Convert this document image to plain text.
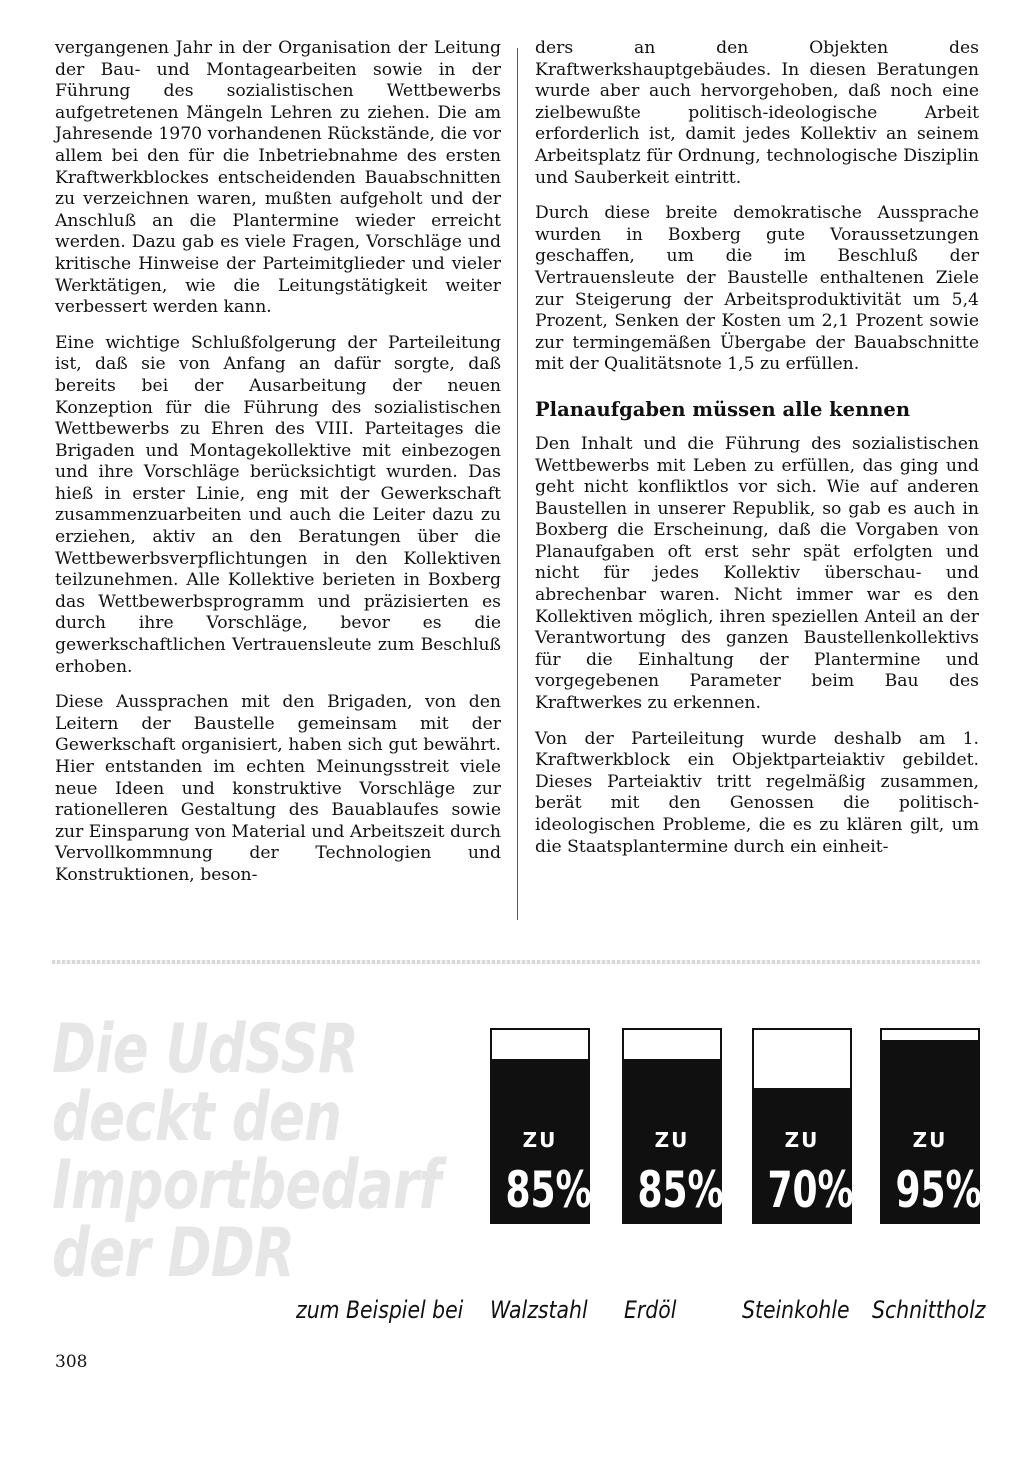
vergangenen Jahr in der Organisation der Leitung der Bau- und Montagearbeiten sowie in der Führung des sozialistischen Wettbewerbs aufgetretenen Mängeln Lehren zu ziehen. Die am Jahresende 1970 vorhandenen Rückstände, die vor allem bei den für die Inbetriebnahme des ersten Kraftwerkblockes entscheidenden Bauabschnitten zu verzeichnen waren, mußten aufgeholt und der Anschluß an die Plantermine wieder erreicht werden. Dazu gab es viele Fragen, Vorschläge und kritische Hinweise der Parteimitglieder und vieler Werktätigen, wie die Leitungstätigkeit weiter verbessert werden kann.

Eine wichtige Schlußfolgerung der Parteileitung ist, daß sie von Anfang an dafür sorgte, daß bereits bei der Ausarbeitung der neuen Konzeption für die Führung des sozialistischen Wettbewerbs zu Ehren des VIII. Parteitages die Brigaden und Montagekollektive mit einbezogen und ihre Vorschläge berücksichtigt wurden. Das hieß in erster Linie, eng mit der Gewerkschaft zusammenzuarbeiten und auch die Leiter dazu zu erziehen, aktiv an den Beratungen über die Wettbewerbsverpflichtungen in den Kollektiven teilzunehmen. Alle Kollektive berieten in Boxberg das Wettbewerbsprogramm und präzisierten es durch ihre Vorschläge, bevor es die gewerkschaftlichen Vertrauensleute zum Beschluß erhoben.

Diese Aussprachen mit den Brigaden, von den Leitern der Baustelle gemeinsam mit der Gewerkschaft organisiert, haben sich gut bewährt. Hier entstanden im echten Meinungsstreit viele neue Ideen und konstruktive Vorschläge zur rationelleren Gestaltung des Bauablaufes sowie zur Einsparung von Material und Arbeitszeit durch Vervollkommnung der Technologien und Konstruktionen, beson-

ders an den Objekten des Kraftwerkshauptgebäudes. In diesen Beratungen wurde aber auch hervorgehoben, daß noch eine zielbewußte politisch-ideologische Arbeit erforderlich ist, damit jedes Kollektiv an seinem Arbeitsplatz für Ordnung, technologische Disziplin und Sauberkeit eintritt.

Durch diese breite demokratische Aussprache wurden in Boxberg gute Voraussetzungen geschaffen, um die im Beschluß der Vertrauensleute der Baustelle enthaltenen Ziele zur Steigerung der Arbeitsproduktivität um 5,4 Prozent, Senken der Kosten um 2,1 Prozent sowie zur termingemäßen Übergabe der Bauabschnitte mit der Qualitätsnote 1,5 zu erfüllen.

Planaufgaben müssen alle kennen

Den Inhalt und die Führung des sozialistischen Wettbewerbs mit Leben zu erfüllen, das ging und geht nicht konfliktlos vor sich. Wie auf anderen Baustellen in unserer Republik, so gab es auch in Boxberg die Erscheinung, daß die Vorgaben von Planaufgaben oft erst sehr spät erfolgten und nicht für jedes Kollektiv überschau- und abrechenbar waren. Nicht immer war es den Kollektiven möglich, ihren speziellen Anteil an der Verantwortung des ganzen Baustellenkollektivs für die Einhaltung der Plantermine und vorgegebenen Parameter beim Bau des Kraftwerkes zu erkennen.

Von der Parteileitung wurde deshalb am 1. Kraftwerkblock ein Objektparteiaktiv gebildet. Dieses Parteiaktiv tritt regelmäßig zusammen, berät mit den Genossen die politisch-ideologischen Probleme, die es zu klären gilt, um die Staatsplantermine durch ein einheit-

Die UdSSR
deckt den
Importbedarf
der DDR
ZU
85%
Walzstahl
ZU
85%
Erdöl
ZU
70%
Steinkohle
ZU
95%
Schnittholz
zum Beispiel bei
308
